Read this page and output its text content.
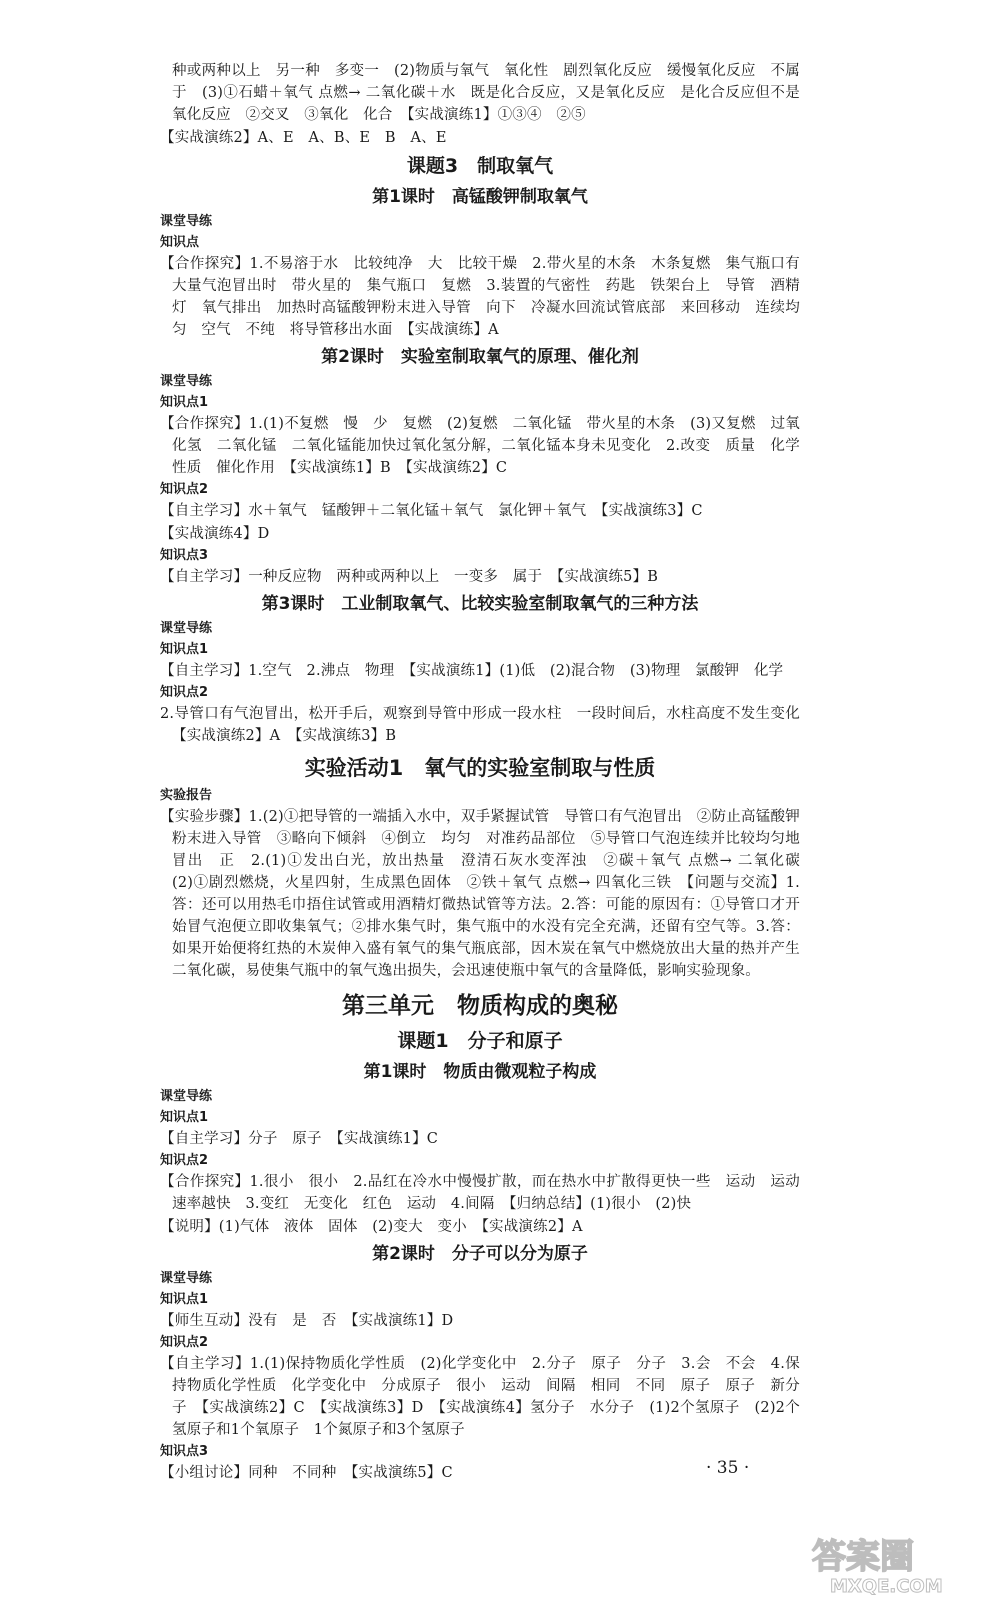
种或两种以上　另一种　多变一　(2)物质与氧气　氧化性　剧烈氧化反应　缓慢氧化反应　不属于　(3)①石蜡＋氧气 点燃→ 二氧化碳＋水　既是化合反应，又是氧化反应　是化合反应但不是氧化反应　②交叉　③氧化　化合　【实战演练1】①③④　②⑤

【实战演练2】A、E　A、B、E　B　A、E

课题3　制取氧气
第1课时　高锰酸钾制取氧气
课堂导练
知识点

【合作探究】1.不易溶于水　比较纯净　大　比较干燥　2.带火星的木条　木条复燃　集气瓶口有大量气泡冒出时　带火星的　集气瓶口　复燃　3.装置的气密性　药匙　铁架台上　导管　酒精灯　氧气排出　加热时高锰酸钾粉末进入导管　向下　冷凝水回流试管底部　来回移动　连续均匀　空气　不纯　将导管移出水面　【实战演练】A

第2课时　实验室制取氧气的原理、催化剂
课堂导练
知识点1

【合作探究】1.(1)不复燃　慢　少　复燃　(2)复燃　二氧化锰　带火星的木条　(3)又复燃　过氧化氢　二氧化锰　二氧化锰能加快过氧化氢分解，二氧化锰本身未见变化　2.改变　质量　化学性质　催化作用　【实战演练1】B　【实战演练2】C

知识点2

【自主学习】水＋氧气　锰酸钾＋二氧化锰＋氧气　氯化钾＋氧气　【实战演练3】C

【实战演练4】D

知识点3

【自主学习】一种反应物　两种或两种以上　一变多　属于　【实战演练5】B

第3课时　工业制取氧气、比较实验室制取氧气的三种方法
课堂导练
知识点1

【自主学习】1.空气　2.沸点　物理　【实战演练1】(1)低　(2)混合物　(3)物理　氯酸钾　化学

知识点2

2.导管口有气泡冒出，松开手后，观察到导管中形成一段水柱　一段时间后，水柱高度不发生变化　【实战演练2】A　【实战演练3】B

实验活动1　氧气的实验室制取与性质
实验报告

【实验步骤】1.(2)①把导管的一端插入水中，双手紧握试管　导管口有气泡冒出　②防止高锰酸钾粉末进入导管　③略向下倾斜　④倒立　均匀　对准药品部位　⑤导管口气泡连续并比较均匀地冒出　正　2.(1)①发出白光，放出热量　澄清石灰水变浑浊　②碳＋氧气 点燃→ 二氧化碳　(2)①剧烈燃烧，火星四射，生成黑色固体　②铁＋氧气 点燃→ 四氧化三铁　【问题与交流】1.答：还可以用热毛巾捂住试管或用酒精灯微热试管等方法。2.答：可能的原因有：①导管口才开始冒气泡便立即收集氧气；②排水集气时，集气瓶中的水没有完全充满，还留有空气等。3.答：如果开始便将红热的木炭伸入盛有氧气的集气瓶底部，因木炭在氧气中燃烧放出大量的热并产生二氧化碳，易使集气瓶中的氧气逸出损失，会迅速使瓶中氧气的含量降低，影响实验现象。

第三单元　物质构成的奥秘
课题1　分子和原子
第1课时　物质由微观粒子构成
课堂导练
知识点1

【自主学习】分子　原子　【实战演练1】C

知识点2

【合作探究】1.很小　很小　2.品红在冷水中慢慢扩散，而在热水中扩散得更快一些　运动　运动速率越快　3.变红　无变化　红色　运动　4.间隔　【归纳总结】(1)很小　(2)快

【说明】(1)气体　液体　固体　(2)变大　变小　【实战演练2】A

第2课时　分子可以分为原子
课堂导练
知识点1

【师生互动】没有　是　否　【实战演练1】D

知识点2

【自主学习】1.(1)保持物质化学性质　(2)化学变化中　2.分子　原子　分子　3.会　不会　4.保持物质化学性质　化学变化中　分成原子　很小　运动　间隔　相同　不同　原子　原子　新分子　【实战演练2】C　【实战演练3】D　【实战演练4】氢分子　水分子　(1)2个氢原子　(2)2个氢原子和1个氧原子　1个氮原子和3个氢原子

知识点3

【小组讨论】同种　不同种　【实战演练5】C	· 35 ·
答案圈
MXQE.COM
